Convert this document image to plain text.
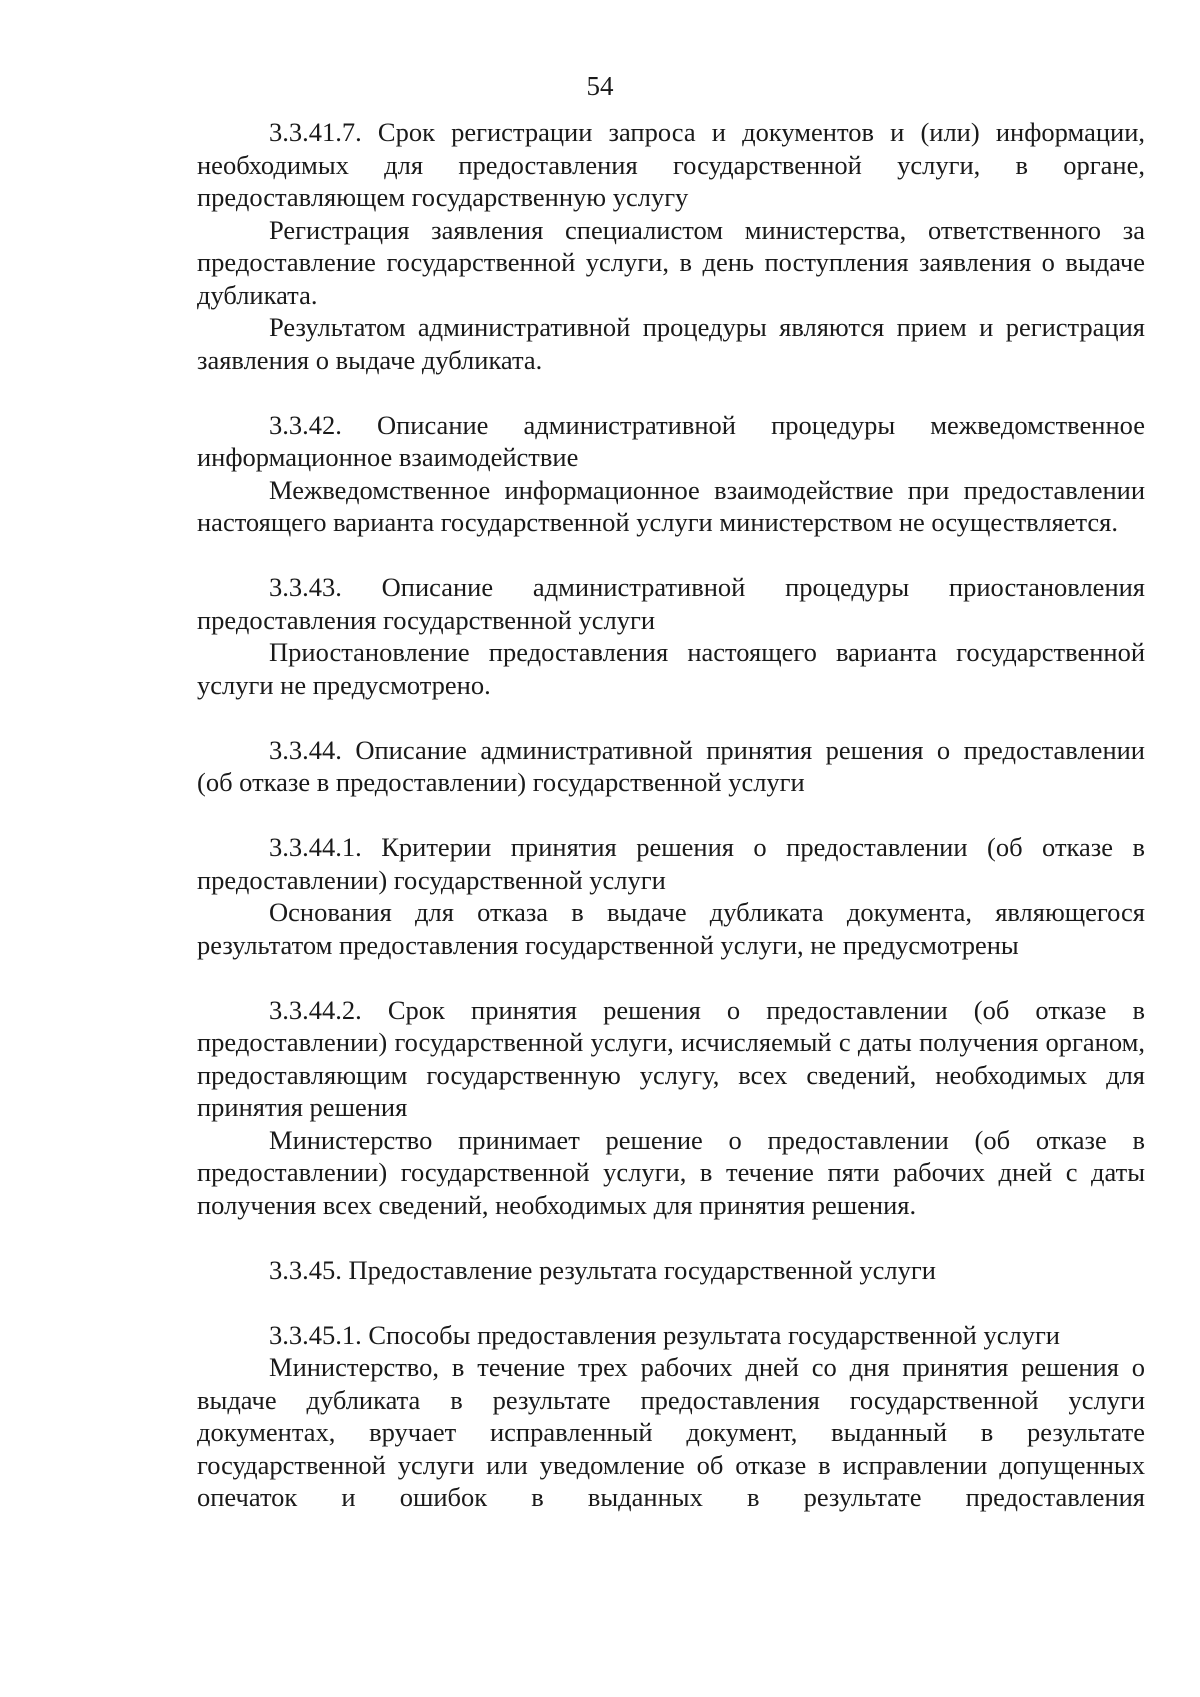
54

3.3.41.7. Срок регистрации запроса и документов и (или) информации, необходимых для предоставления государственной услуги, в органе, предоставляющем государственную услугу

Регистрация заявления специалистом министерства, ответственного за предоставление государственной услуги, в день поступления заявления о выдаче дубликата.

Результатом административной процедуры являются прием и регистрация заявления о выдаче дубликата.

3.3.42. Описание административной процедуры межведомственное информационное взаимодействие

Межведомственное информационное взаимодействие при предоставлении настоящего варианта государственной услуги министерством не осуществляется.

3.3.43. Описание административной процедуры приостановления предоставления государственной услуги

Приостановление предоставления настоящего варианта государственной услуги не предусмотрено.

3.3.44. Описание административной принятия решения о предоставлении (об отказе в предоставлении) государственной услуги

3.3.44.1. Критерии принятия решения о предоставлении (об отказе в предоставлении) государственной услуги

Основания для отказа в выдаче дубликата документа, являющегося результатом предоставления государственной услуги, не предусмотрены

3.3.44.2. Срок принятия решения о предоставлении (об отказе в предоставлении) государственной услуги, исчисляемый с даты получения органом, предоставляющим государственную услугу, всех сведений, необходимых для принятия решения

Министерство принимает решение о предоставлении (об отказе в предоставлении) государственной услуги, в течение пяти рабочих дней с даты получения всех сведений, необходимых для принятия решения.

3.3.45. Предоставление результата государственной услуги

3.3.45.1. Способы предоставления результата государственной услуги

Министерство, в течение трех рабочих дней со дня принятия решения о выдаче дубликата в результате предоставления государственной услуги документах, вручает исправленный документ, выданный в результате государственной услуги или уведомление об отказе в исправлении допущенных опечаток и ошибок в выданных в результате предоставления
